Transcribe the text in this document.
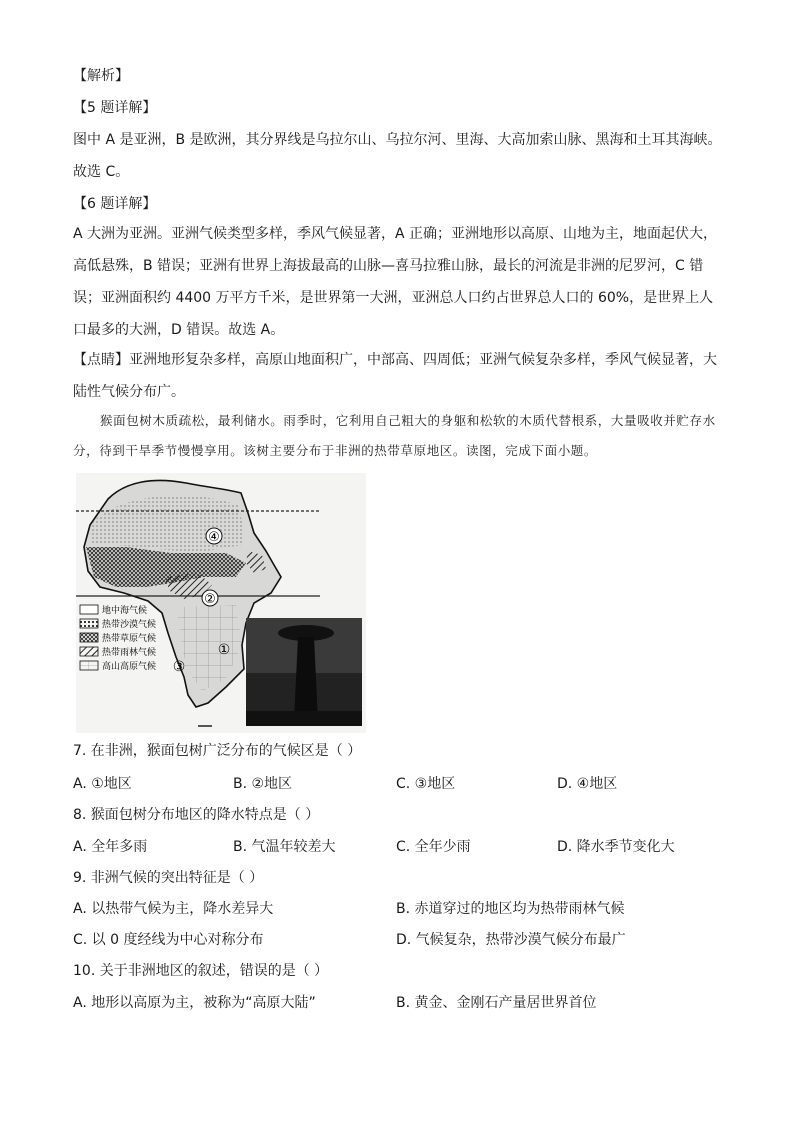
【解析】
【5 题详解】
图中 A 是亚洲，B 是欧洲，其分界线是乌拉尔山、乌拉尔河、里海、大高加索山脉、黑海和土耳其海峡。故选 C。
【6 题详解】
A 大洲为亚洲。亚洲气候类型多样，季风气候显著，A 正确；亚洲地形以高原、山地为主，地面起伏大，高低悬殊，B 错误；亚洲有世界上海拔最高的山脉—喜马拉雅山脉，最长的河流是非洲的尼罗河，C 错误；亚洲面积约 4400 万平方千米，是世界第一大洲，亚洲总人口约占世界总人口的 60%，是世界上人口最多的大洲，D 错误。故选 A。
【点睛】亚洲地形复杂多样，高原山地面积广，中部高、四周低；亚洲气候复杂多样，季风气候显著，大陆性气候分布广。
猴面包树木质疏松，最利储水。雨季时，它利用自己粗大的身躯和松软的木质代替根系，大量吸收并贮存水分，待到干旱季节慢慢享用。该树主要分布于非洲的热带草原地区。读图，完成下面小题。
④
②
①
③
地中海气候
热带沙漠气候
热带草原气候
热带雨林气候
高山高原气候
7. 在非洲，猴面包树广泛分布的气候区是（ ）
A. ①地区	B. ②地区	C. ③地区	D. ④地区
8. 猴面包树分布地区的降水特点是（ ）
A. 全年多雨	B. 气温年较差大	C. 全年少雨	D. 降水季节变化大
9. 非洲气候的突出特征是（ ）
A. 以热带气候为主，降水差异大	B. 赤道穿过的地区均为热带雨林气候
C. 以 0 度经线为中心对称分布	D. 气候复杂，热带沙漠气候分布最广
10. 关于非洲地区的叙述，错误的是（ ）
A. 地形以高原为主，被称为“高原大陆”	B. 黄金、金刚石产量居世界首位
